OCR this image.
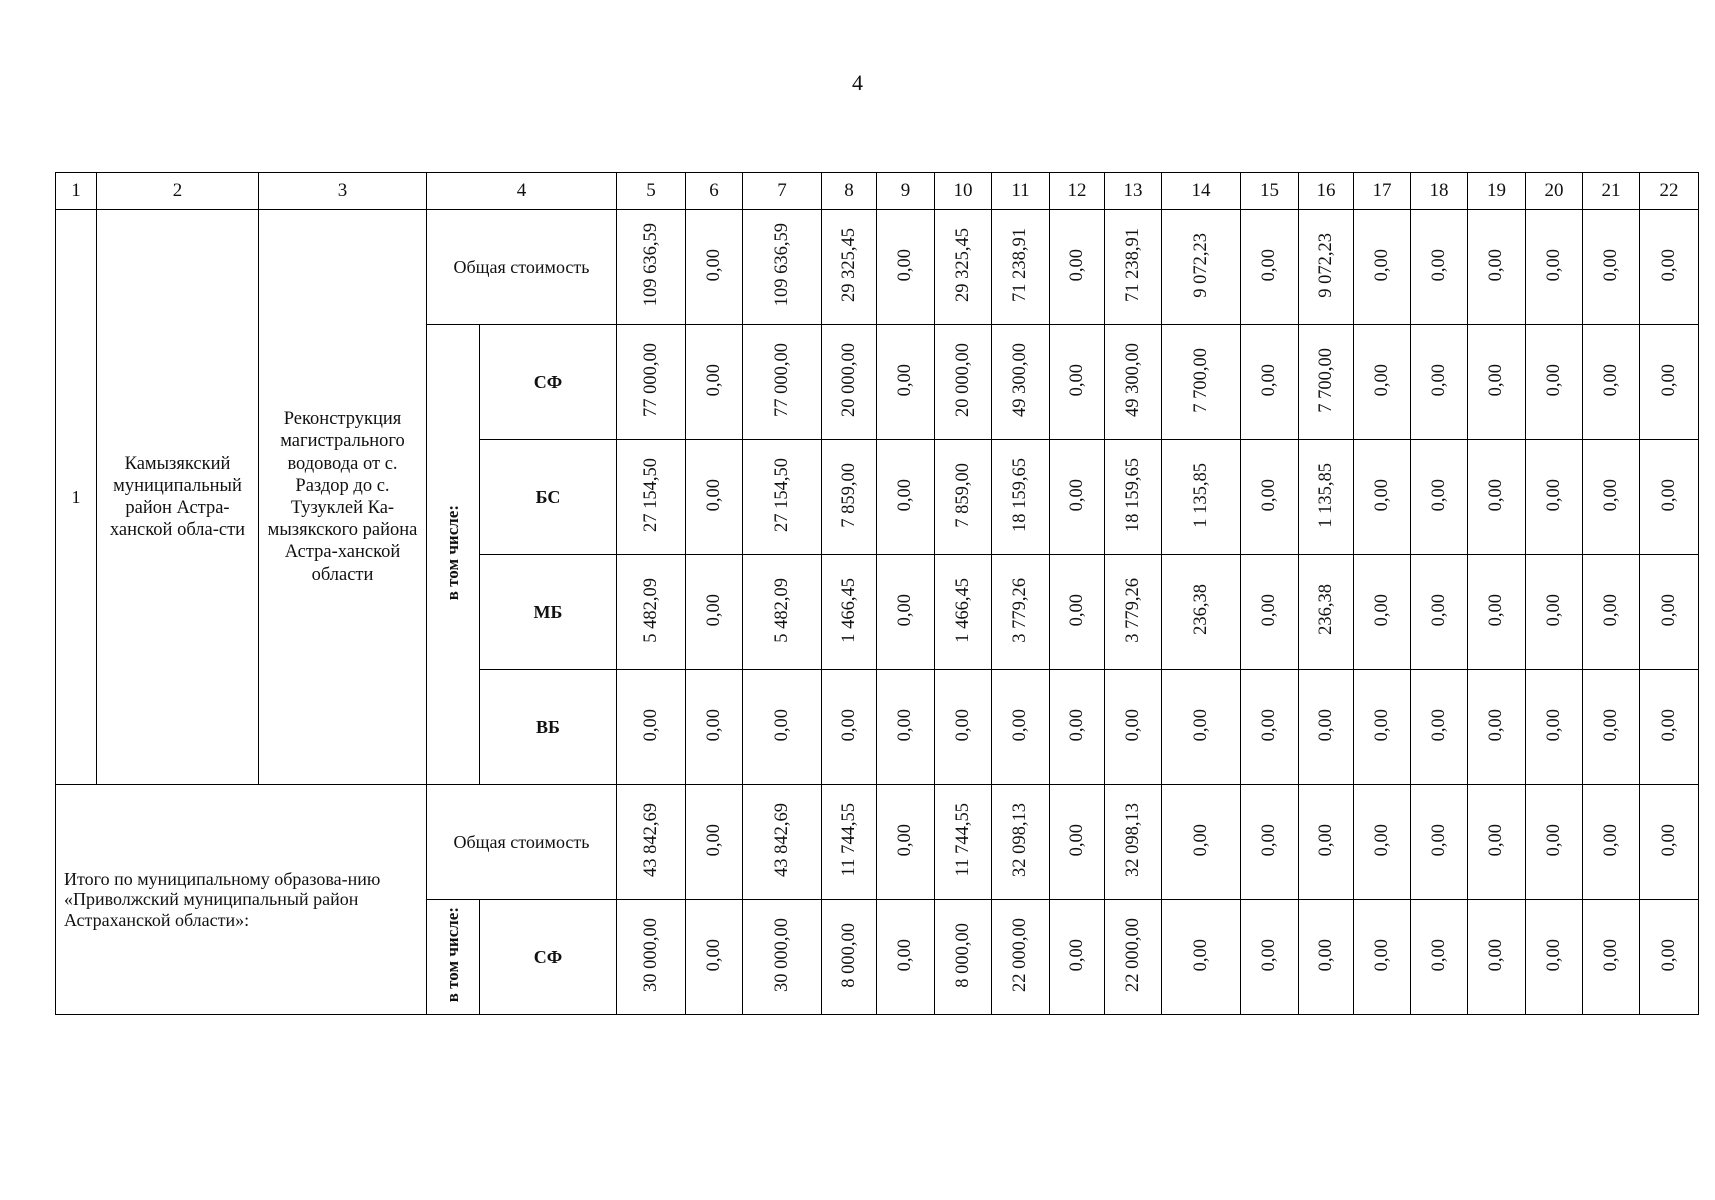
4
1	2	3	4		5	6	7	8	9	10	11	12	13	14	15	16	17	18	19	20	21	22
1	Камызякский муниципальный район Астра-ханской обла-сти	Реконструкция магистрального водовода от с. Раздор до с. Тузуклей Ка-мызякского района Астра-ханской области	Общая стоимость		109 636,59	0,00	109 636,59	29 325,45	0,00	29 325,45	71 238,91	0,00	71 238,91	9 072,23	0,00	9 072,23	0,00	0,00	0,00	0,00	0,00	0,00
			в том числе:	СФ	77 000,00	0,00	77 000,00	20 000,00	0,00	20 000,00	49 300,00	0,00	49 300,00	7 700,00	0,00	7 700,00	0,00	0,00	0,00	0,00	0,00	0,00
				БС	27 154,50	0,00	27 154,50	7 859,00	0,00	7 859,00	18 159,65	0,00	18 159,65	1 135,85	0,00	1 135,85	0,00	0,00	0,00	0,00	0,00	0,00
				МБ	5 482,09	0,00	5 482,09	1 466,45	0,00	1 466,45	3 779,26	0,00	3 779,26	236,38	0,00	236,38	0,00	0,00	0,00	0,00	0,00	0,00
				ВБ	0,00	0,00	0,00	0,00	0,00	0,00	0,00	0,00	0,00	0,00	0,00	0,00	0,00	0,00	0,00	0,00	0,00	0,00
Итого по муниципальному образова-нию «Приволжский муниципальный район Астраханской области»:			Общая стоимость		43 842,69	0,00	43 842,69	11 744,55	0,00	11 744,55	32 098,13	0,00	32 098,13	0,00	0,00	0,00	0,00	0,00	0,00	0,00	0,00	0,00
			в том числе:	СФ	30 000,00	0,00	30 000,00	8 000,00	0,00	8 000,00	22 000,00	0,00	22 000,00	0,00	0,00	0,00	0,00	0,00	0,00	0,00	0,00	0,00
